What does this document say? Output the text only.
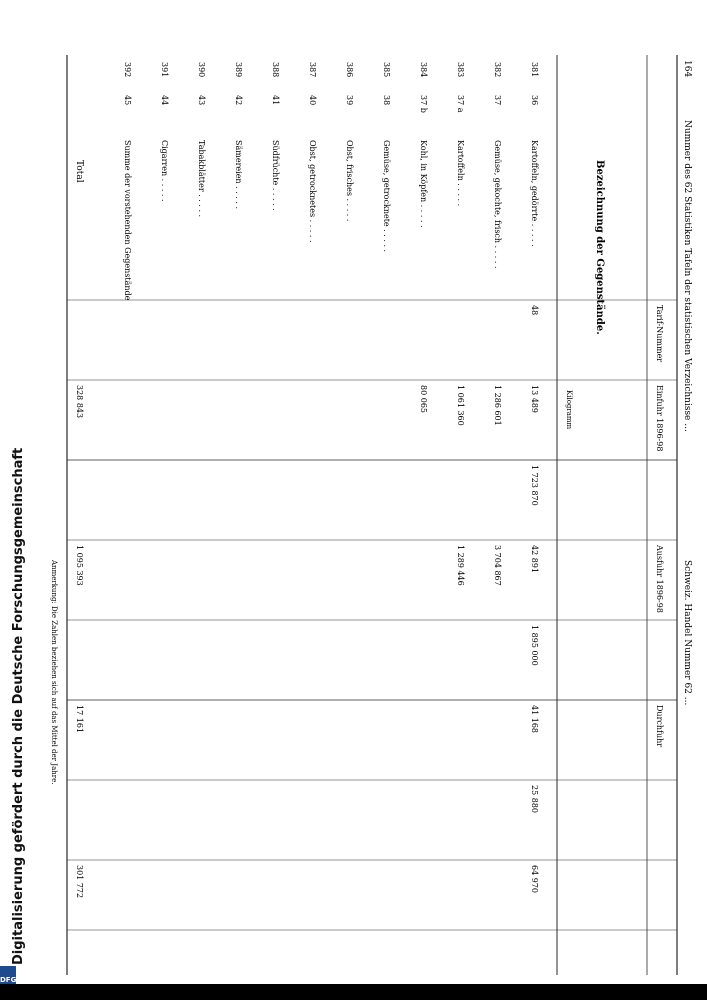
164
Nummer des 62 Statistiken Tafeln der statistischen Verzeichnisse ...
Schweiz. Handel Nummer 62 ...
Bezeichnung der Gegenstände.	Tarif-Nummer
Einfuhr 1896-98
Ausfuhr 1896-98
Durchfuhr
Kilogramm
381
36
Kartoffeln, gedörrte . . . . .
48
13 489
1 723 870
42 891
1 895 000
41 168
25 880
64 970
382
37
Gemüse, gekochte, frisch . . . . .
1 286 601
3 704 867
383
37 a
Kartoffeln . . . . .
1 061 360
1 289 446
384
37 b
Kohl, in Köpfen . . . . .
80 065
385
38
Gemüse, getrocknete . . . . .
386
39
Obst, frisches . . . . .
387
40
Obst, getrocknetes . . . . .
388
41
Südfrüchte . . . . .
389
42
Sämereien . . . . .
390
43
Tabakblätter . . . . .
391
44
Cigarren . . . . .
392
45
Summe der vorstehenden Gegenstände
Total
328 843
1 095 393
17 161
301 772
Anmerkung: Die Zahlen beziehen sich auf das Mittel der Jahre.
Digitalisierung gefördert durch die Deutsche Forschungsgemeinschaft
DFG
